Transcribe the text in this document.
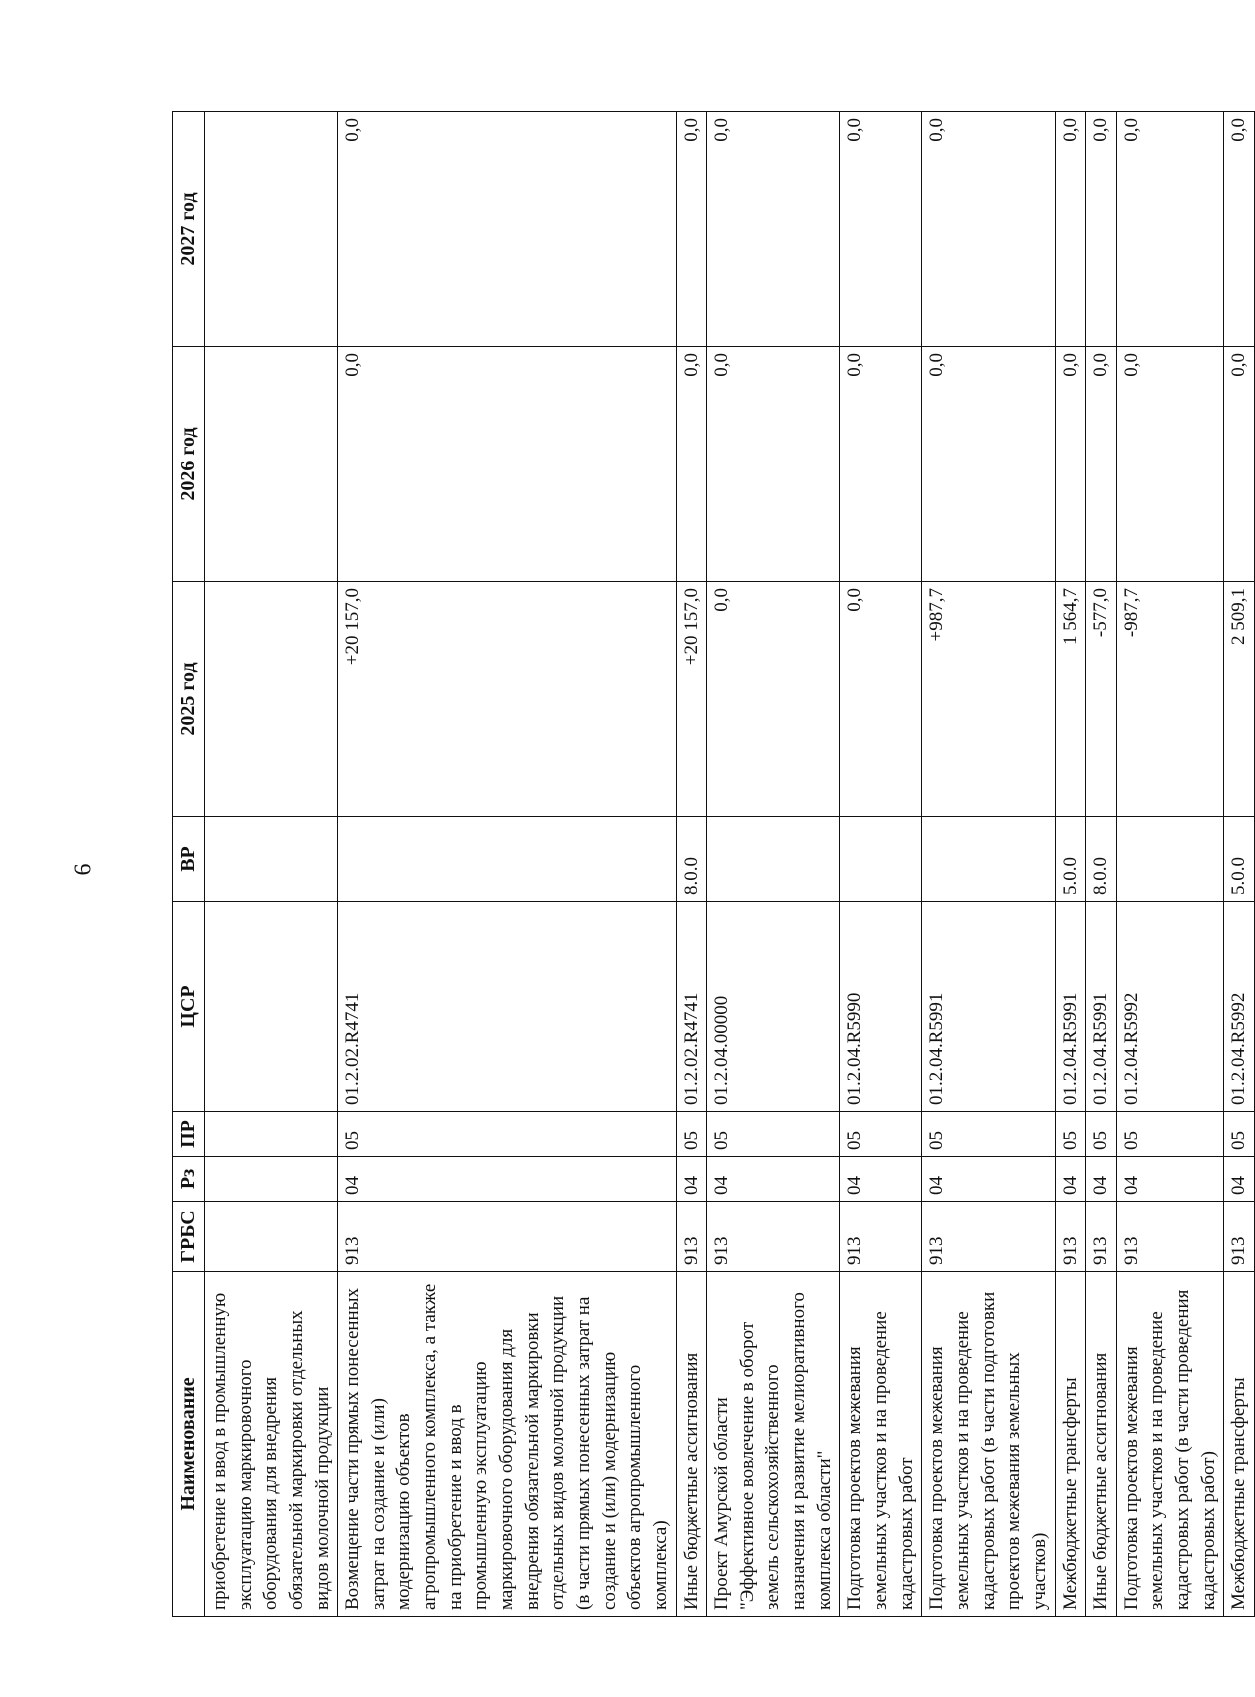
6
Наименование	ГРБС	Рз	ПР	ЦСР	ВР	2025 год	2026 год	2027 год
приобретение и ввод в промышленную эксплуатацию маркировочного оборудования для внедрения обязательной маркировки отдельных видов молочной продукции								
Возмещение части прямых понесенных затрат на создание и (или) модернизацию объектов агропромышленного комплекса, а также на приобретение и ввод в промышленную эксплуатацию маркировочного оборудования для внедрения обязательной маркировки отдельных видов молочной продукции (в части прямых понесенных затрат на создание и (или) модернизацию объектов агропромышленного комплекса)	913	04	05	01.2.02.R4741		+20 157,0	0,0	0,0
Иные бюджетные ассигнования	913	04	05	01.2.02.R4741	8.0.0	+20 157,0	0,0	0,0
Проект Амурской области "Эффективное вовлечение в оборот земель сельскохозяйственного назначения и развитие мелиоративного комплекса области"	913	04	05	01.2.04.00000		0,0	0,0	0,0
Подготовка проектов межевания земельных участков и на проведение кадастровых работ	913	04	05	01.2.04.R5990		0,0	0,0	0,0
Подготовка проектов межевания земельных участков и на проведение кадастровых работ (в части подготовки проектов межевания земельных участков)	913	04	05	01.2.04.R5991		+987,7	0,0	0,0
Межбюджетные трансферты	913	04	05	01.2.04.R5991	5.0.0	1 564,7	0,0	0,0
Иные бюджетные ассигнования	913	04	05	01.2.04.R5991	8.0.0	-577,0	0,0	0,0
Подготовка проектов межевания земельных участков и на проведение кадастровых работ (в части проведения кадастровых работ)	913	04	05	01.2.04.R5992		-987,7	0,0	0,0
Межбюджетные трансферты	913	04	05	01.2.04.R5992	5.0.0	2 509,1	0,0	0,0
